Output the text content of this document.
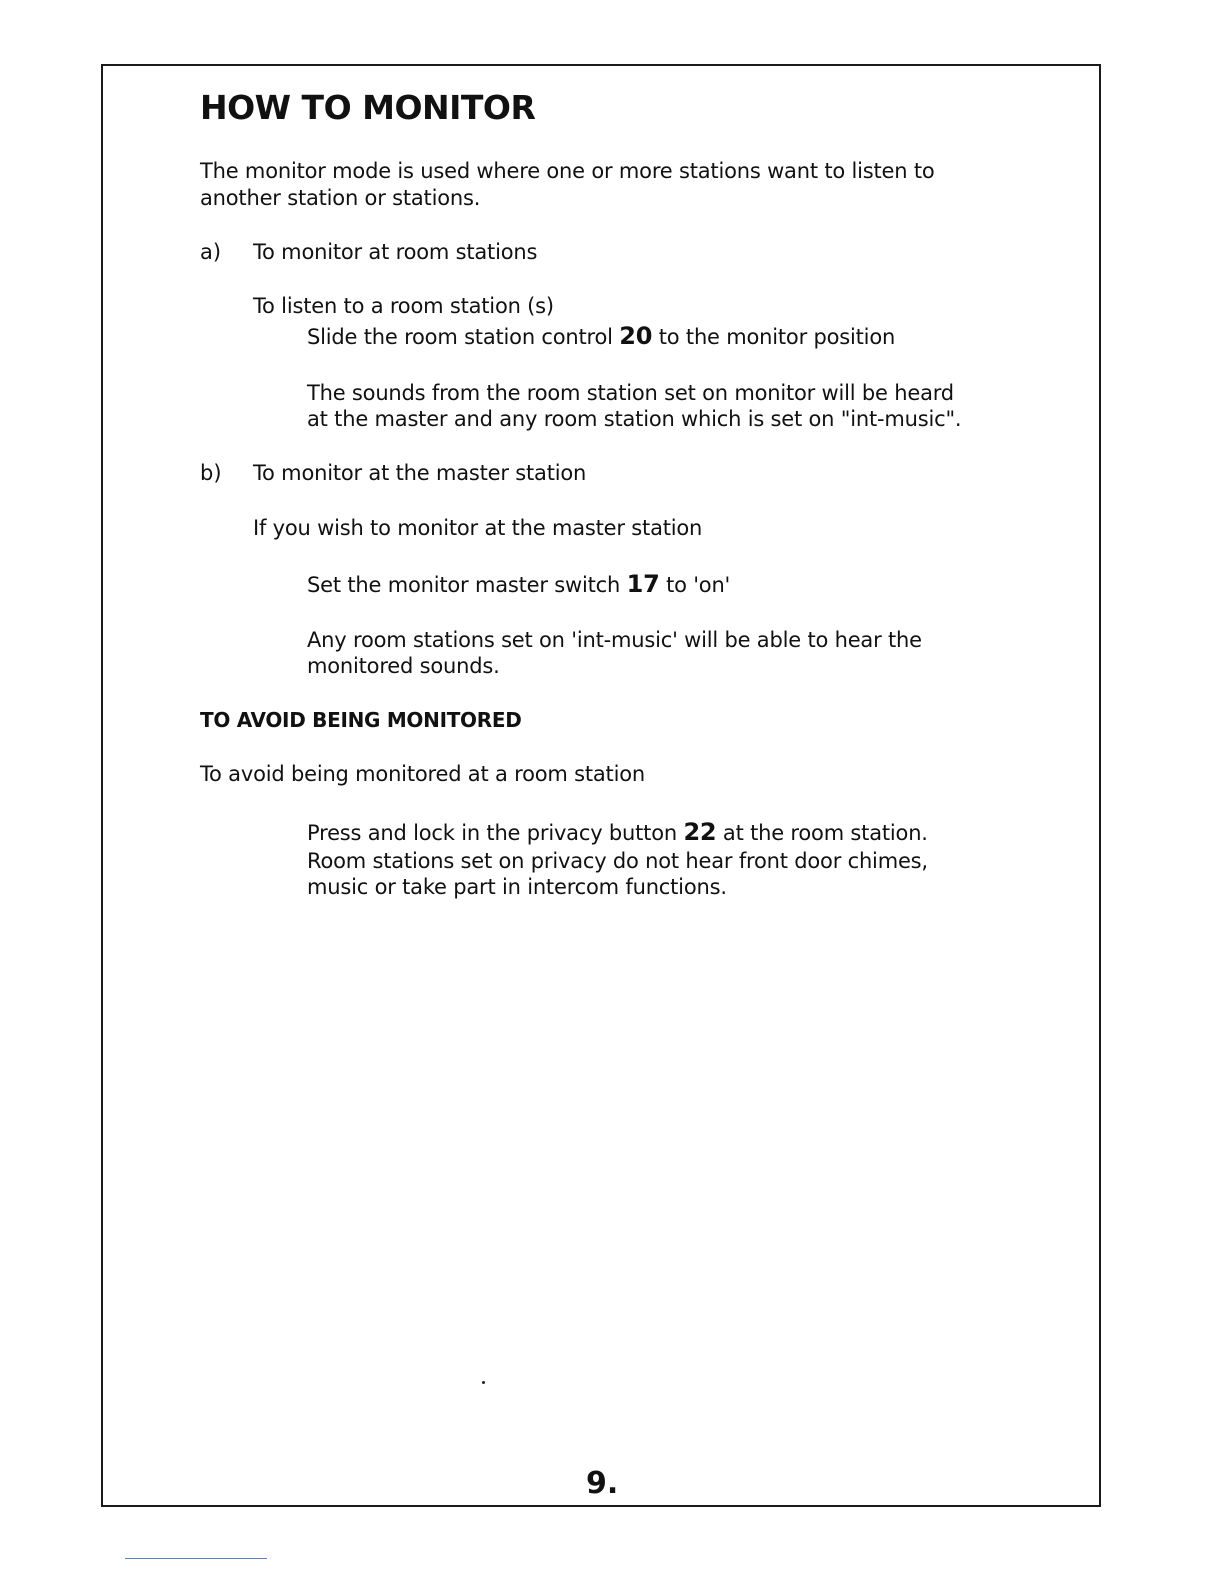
HOW TO MONITOR

The monitor mode is used where one or more stations want to listen to

another station or stations.

a) To monitor at room stations

To listen to a room station (s)

Slide the room station control 20 to the monitor position

The sounds from the room station set on monitor will be heard

at the master and any room station which is set on "int-music".

b) To monitor at the master station

If you wish to monitor at the master station

Set the monitor master switch 17 to 'on'

Any room stations set on 'int-music' will be able to hear the

monitored sounds.

TO AVOID BEING MONITORED

To avoid being monitored at a room station

Press and lock in the privacy button 22 at the room station.

Room stations set on privacy do not hear front door chimes,

music or take part in intercom functions.

9.
